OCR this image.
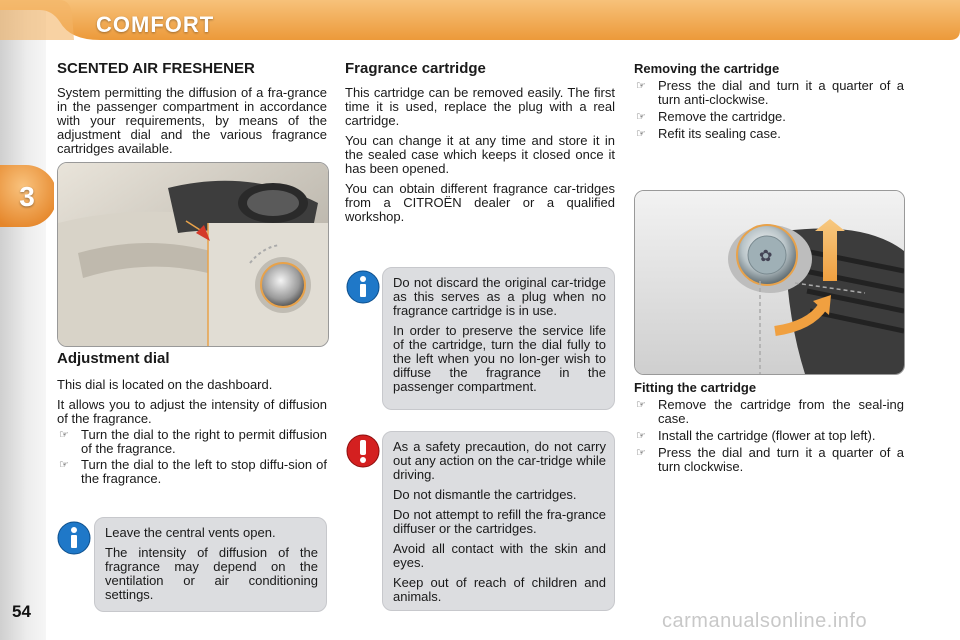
COMFORT
3
SCENTED AIR FRESHENER

System permitting the diffusion of a fra-grance in the passenger compartment in accordance with your requirements, by means of the adjustment dial and the various fragrance cartridges available.

Adjustment dial

This dial is located on the dashboard.

It allows you to adjust the intensity of diffusion of the fragrance.

☞ Turn the dial to the right to permit diffusion of the fragrance.
☞ Turn the dial to the left to stop diffu-sion of the fragrance.

Leave the central vents open.

The intensity of diffusion of the fragrance may depend on the ventilation or air conditioning settings.

Fragrance cartridge

This cartridge can be removed easily. The first time it is used, replace the plug with a real cartridge.

You can change it at any time and store it in the sealed case which keeps it closed once it has been opened.

You can obtain different fragrance car-tridges from a CITROËN dealer or a qualified workshop.

Do not discard the original car-tridge as this serves as a plug when no fragrance cartridge is in use.

In order to preserve the service life of the cartridge, turn the dial fully to the left when you no lon-ger wish to diffuse the fragrance in the passenger compartment.

As a safety precaution, do not carry out any action on the car-tridge while driving.

Do not dismantle the cartridges.

Do not attempt to refill the fra-grance diffuser or the cartridges.

Avoid all contact with the skin and eyes.

Keep out of reach of children and animals.

Removing the cartridge
☞ Press the dial and turn it a quarter of a turn anti-clockwise.
☞ Remove the cartridge.
☞ Refit its sealing case.
✿
Fitting the cartridge
☞ Remove the cartridge from the seal-ing case.
☞ Install the cartridge (flower at top left).
☞ Press the dial and turn it a quarter of a turn clockwise.
54	carmanualsonline.info
